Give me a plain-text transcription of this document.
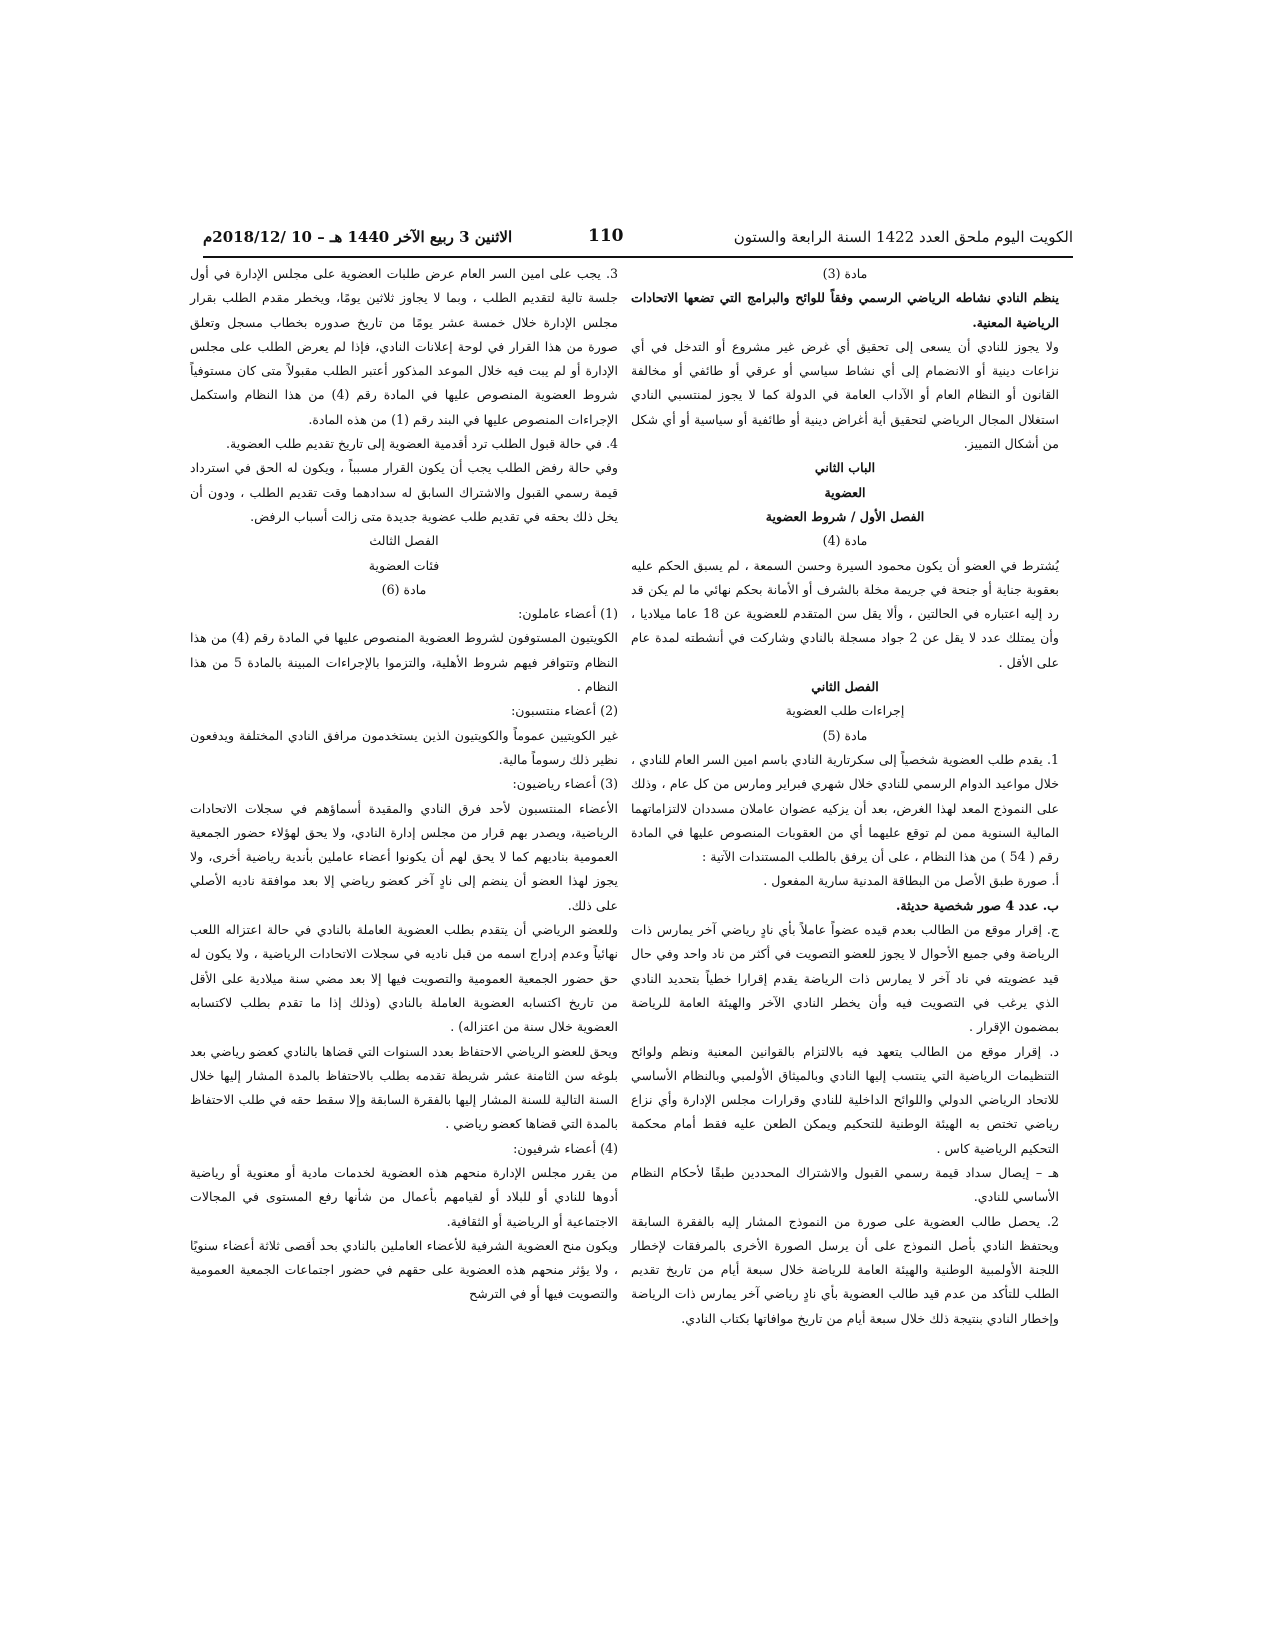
الاثنين 3 ربيع الآخر 1440 هـ – 10 /2018/12م	110	الكويت اليوم ملحق العدد 1422 السنة الرابعة والستون

مادة (3)

ينظم النادي نشاطه الرياضي الرسمي وفقاً للوائح والبرامج التي تضعها الاتحادات الرياضية المعنية.

ولا يجوز للنادي أن يسعى إلى تحقيق أي غرض غير مشروع أو التدخل في أي نزاعات دينية أو الانضمام إلى أي نشاط سياسي أو عرقي أو طائفي أو مخالفة القانون أو النظام العام أو الآداب العامة في الدولة كما لا يجوز لمنتسبي النادي استغلال المجال الرياضي لتحقيق أية أغراض دينية أو طائفية أو سياسية أو أي شكل من أشكال التمييز.

الباب الثاني

العضوية

الفصل الأول / شروط العضوية

مادة (4)

يُشترط في العضو أن يكون محمود السيرة وحسن السمعة ، لم يسبق الحكم عليه بعقوبة جناية أو جنحة في جريمة مخلة بالشرف أو الأمانة بحكم نهائي ما لم يكن قد رد إليه اعتباره في الحالتين ، وألا يقل سن المتقدم للعضوية عن 18 عاما ميلاديا ، وأن يمتلك عدد لا يقل عن 2 جواد مسجلة بالنادي وشاركت في أنشطته لمدة عام على الأقل .

الفصل الثاني

إجراءات طلب العضوية

مادة (5)

1. يقدم طلب العضوية شخصياً إلى سكرتارية النادي باسم امين السر العام للنادي ، خلال مواعيد الدوام الرسمي للنادي خلال شهري فبراير ومارس من كل عام ، وذلك على النموذج المعد لهذا الغرض، بعد أن يزكيه عضوان عاملان مسددان لالتزاماتهما المالية السنوية ممن لم توقع عليهما أي من العقوبات المنصوص عليها في المادة رقم ( 54 ) من هذا النظام ، على أن يرفق بالطلب المستندات الآتية :

أ. صورة طبق الأصل من البطاقة المدنية سارية المفعول .

ب. عدد 4 صور شخصية حديثة.

ج. إقرار موقع من الطالب بعدم قيده عضواً عاملاً بأي نادٍ رياضي آخر يمارس ذات الرياضة وفي جميع الأحوال لا يجوز للعضو التصويت في أكثر من ناد واحد وفي حال قيد عضويته في ناد آخر لا يمارس ذات الرياضة يقدم إقرارا خطياً بتحديد النادي الذي يرغب في التصويت فيه وأن يخطر النادي الآخر والهيئة العامة للرياضة بمضمون الإقرار .

د. إقرار موقع من الطالب يتعهد فيه بالالتزام بالقوانين المعنية ونظم ولوائح التنظيمات الرياضية التي ينتسب إليها النادي وبالميثاق الأولمبي وبالنظام الأساسي للاتحاد الرياضي الدولي واللوائح الداخلية للنادي وقرارات مجلس الإدارة وأي نزاع رياضي تختص به الهيئة الوطنية للتحكيم ويمكن الطعن عليه فقط أمام محكمة التحكيم الرياضية كاس .

هـ – إيصال سداد قيمة رسمي القبول والاشتراك المحددين طبقًا لأحكام النظام الأساسي للنادي.

2. يحصل طالب العضوية على صورة من النموذج المشار إليه بالفقرة السابقة ويحتفظ النادي بأصل النموذج على أن يرسل الصورة الأخرى بالمرفقات لإخطار اللجنة الأولمبية الوطنية والهيئة العامة للرياضة خلال سبعة أيام من تاريخ تقديم الطلب للتأكد من عدم قيد طالب العضوية بأي نادٍ رياضي آخر يمارس ذات الرياضة وإخطار النادي بنتيجة ذلك خلال سبعة أيام من تاريخ موافاتها بكتاب النادي.

3. يجب على امين السر العام عرض طلبات العضوية على مجلس الإدارة في أول جلسة تالية لتقديم الطلب ، وبما لا يجاوز ثلاثين يومًا، ويخطر مقدم الطلب بقرار مجلس الإدارة خلال خمسة عشر يومًا من تاريخ صدوره بخطاب مسجل وتعلق صورة من هذا القرار في لوحة إعلانات النادي، فإذا لم يعرض الطلب على مجلس الإدارة أو لم يبت فيه خلال الموعد المذكور أعتبر الطلب مقبولاً متى كان مستوفياً شروط العضوية المنصوص عليها في المادة رقم (4) من هذا النظام واستكمل الإجراءات المنصوص عليها في البند رقم (1) من هذه المادة.

4. في حالة قبول الطلب ترد أقدمية العضوية إلى تاريخ تقديم طلب العضوية.

وفي حالة رفض الطلب يجب أن يكون القرار مسبباً ، ويكون له الحق في استرداد قيمة رسمي القبول والاشتراك السابق له سدادهما وقت تقديم الطلب ، ودون أن يخل ذلك بحقه في تقديم طلب عضوية جديدة متى زالت أسباب الرفض.

الفصل الثالث

فئات العضوية

مادة (6)

(1) أعضاء عاملون:

الكويتيون المستوفون لشروط العضوية المنصوص عليها في المادة رقم (4) من هذا النظام وتتوافر فيهم شروط الأهلية، والتزموا بالإجراءات المبينة بالمادة 5 من هذا النظام .

(2) أعضاء منتسبون:

غير الكويتيين عموماً والكويتيون الذين يستخدمون مرافق النادي المختلفة ويدفعون نظير ذلك رسوماً مالية.

(3) أعضاء رياضيون:

الأعضاء المنتسبون لأحد فرق النادي والمقيدة أسماؤهم في سجلات الاتحادات الرياضية، ويصدر بهم قرار من مجلس إدارة النادي، ولا يحق لهؤلاء حضور الجمعية العمومية بناديهم كما لا يحق لهم أن يكونوا أعضاء عاملين بأندية رياضية أخرى، ولا يجوز لهذا العضو أن ينضم إلى نادٍ آخر كعضو رياضي إلا بعد موافقة ناديه الأصلي على ذلك.

وللعضو الرياضي أن يتقدم بطلب العضوية العاملة بالنادي في حالة اعتزاله اللعب نهائياً وعدم إدراج اسمه من قبل ناديه في سجلات الاتحادات الرياضية ، ولا يكون له حق حضور الجمعية العمومية والتصويت فيها إلا بعد مضي سنة ميلادية على الأقل من تاريخ اكتسابه العضوية العاملة بالنادي (وذلك إذا ما تقدم بطلب لاكتسابه العضوية خلال سنة من اعتزاله) .

ويحق للعضو الرياضي الاحتفاظ بعدد السنوات التي قضاها بالنادي كعضو رياضي بعد بلوغه سن الثامنة عشر شريطة تقدمه بطلب بالاحتفاظ بالمدة المشار إليها خلال السنة التالية للسنة المشار إليها بالفقرة السابقة وإلا سقط حقه في طلب الاحتفاظ بالمدة التي قضاها كعضو رياضي .

(4) أعضاء شرفيون:

من يقرر مجلس الإدارة منحهم هذه العضوية لخدمات مادية أو معنوية أو رياضية أدوها للنادي أو للبلاد أو لقيامهم بأعمال من شأنها رفع المستوى في المجالات الاجتماعية أو الرياضية أو الثقافية.

ويكون منح العضوية الشرفية للأعضاء العاملين بالنادي بحد أقصى ثلاثة أعضاء سنويًا ، ولا يؤثر منحهم هذه العضوية على حقهم في حضور اجتماعات الجمعية العمومية والتصويت فيها أو في الترشح
